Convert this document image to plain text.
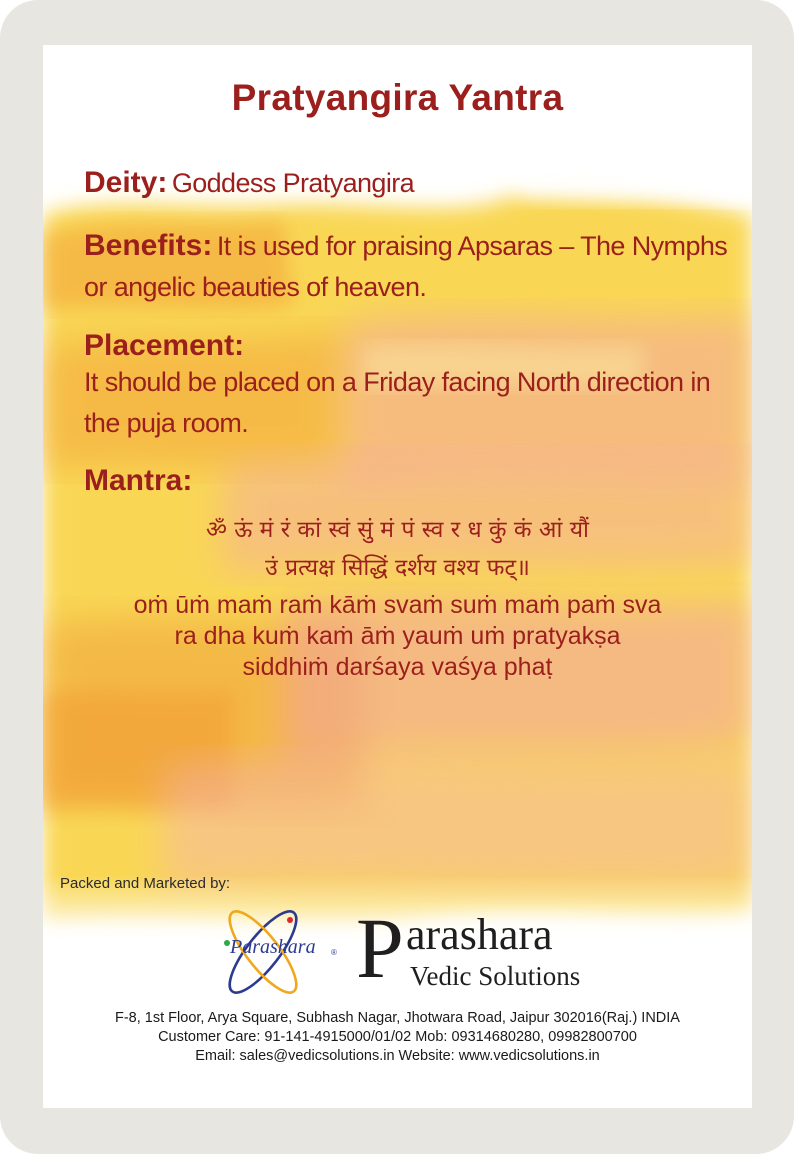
Pratyangira Yantra
Deity: Goddess Pratyangira
Benefits: It is used for praising Apsaras – The Nymphs or angelic beauties of heaven.
Placement:
It should be placed on a Friday facing North direction in the puja room.
Mantra:
ॐ ऊं मं रं कां स्वं सुं मं पं स्व र ध कुं कं आं यौं
उं प्रत्यक्ष सिद्धिं दर्शय वश्य फट्॥
oṁ ūṁ maṁ raṁ kāṁ svaṁ suṁ maṁ paṁ sva
ra dha kuṁ kaṁ āṁ yauṁ uṁ pratyakṣa
siddhiṁ darśaya vaśya phaṭ
Packed and Marketed by:
Parashara ® P arashara
Vedic Solutions
F-8, 1st Floor, Arya Square, Subhash Nagar, Jhotwara Road, Jaipur 302016(Raj.) INDIA
Customer Care: 91-141-4915000/01/02 Mob: 09314680280, 09982800700
Email: sales@vedicsolutions.in Website: www.vedicsolutions.in
